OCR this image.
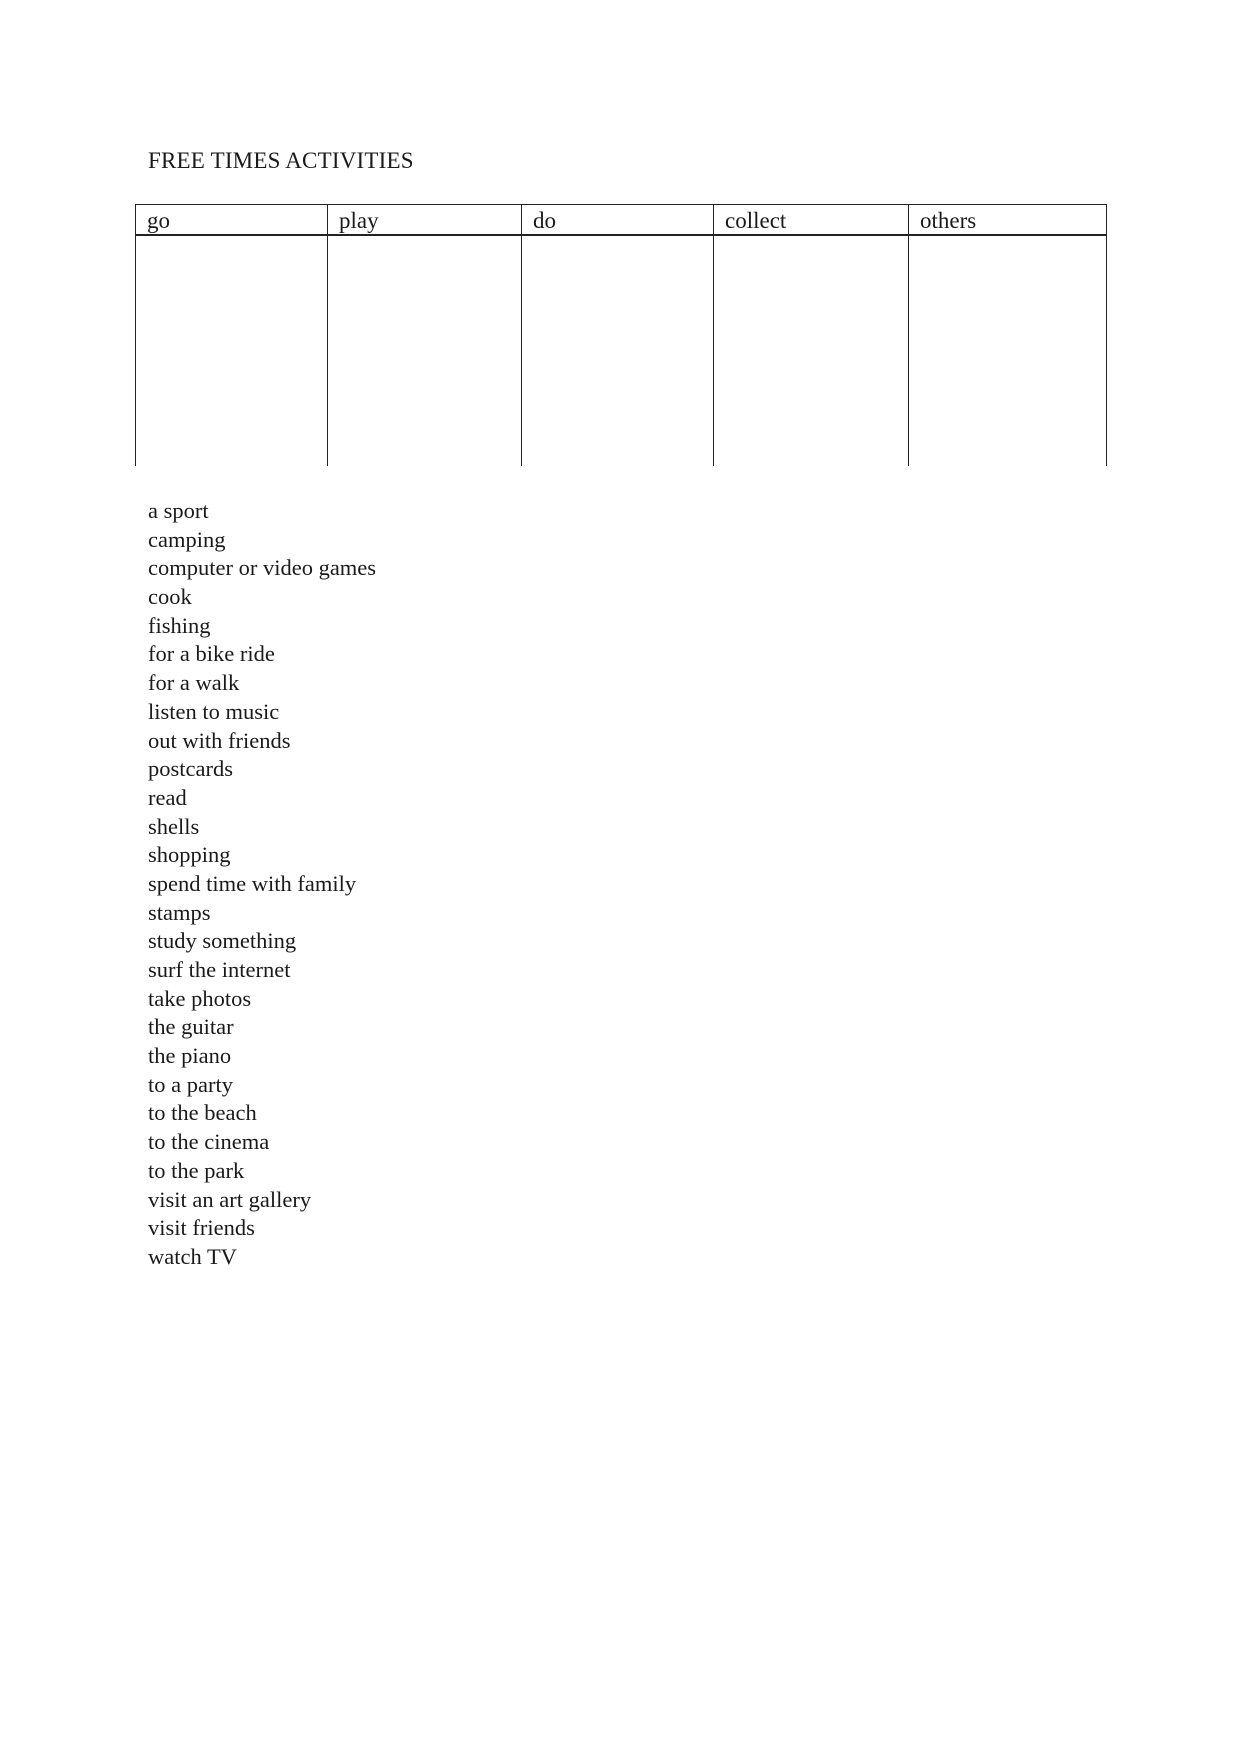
FREE TIMES ACTIVITIES
go	play	do	collect	others

a sport
camping
computer or video games
cook
fishing
for a bike ride
for a walk
listen to music
out with friends
postcards
read
shells
shopping
spend time with family
stamps
study something
surf the internet
take photos
the guitar
the piano
to a party
to the beach
to the cinema
to the park
visit an art gallery
visit friends
watch TV
